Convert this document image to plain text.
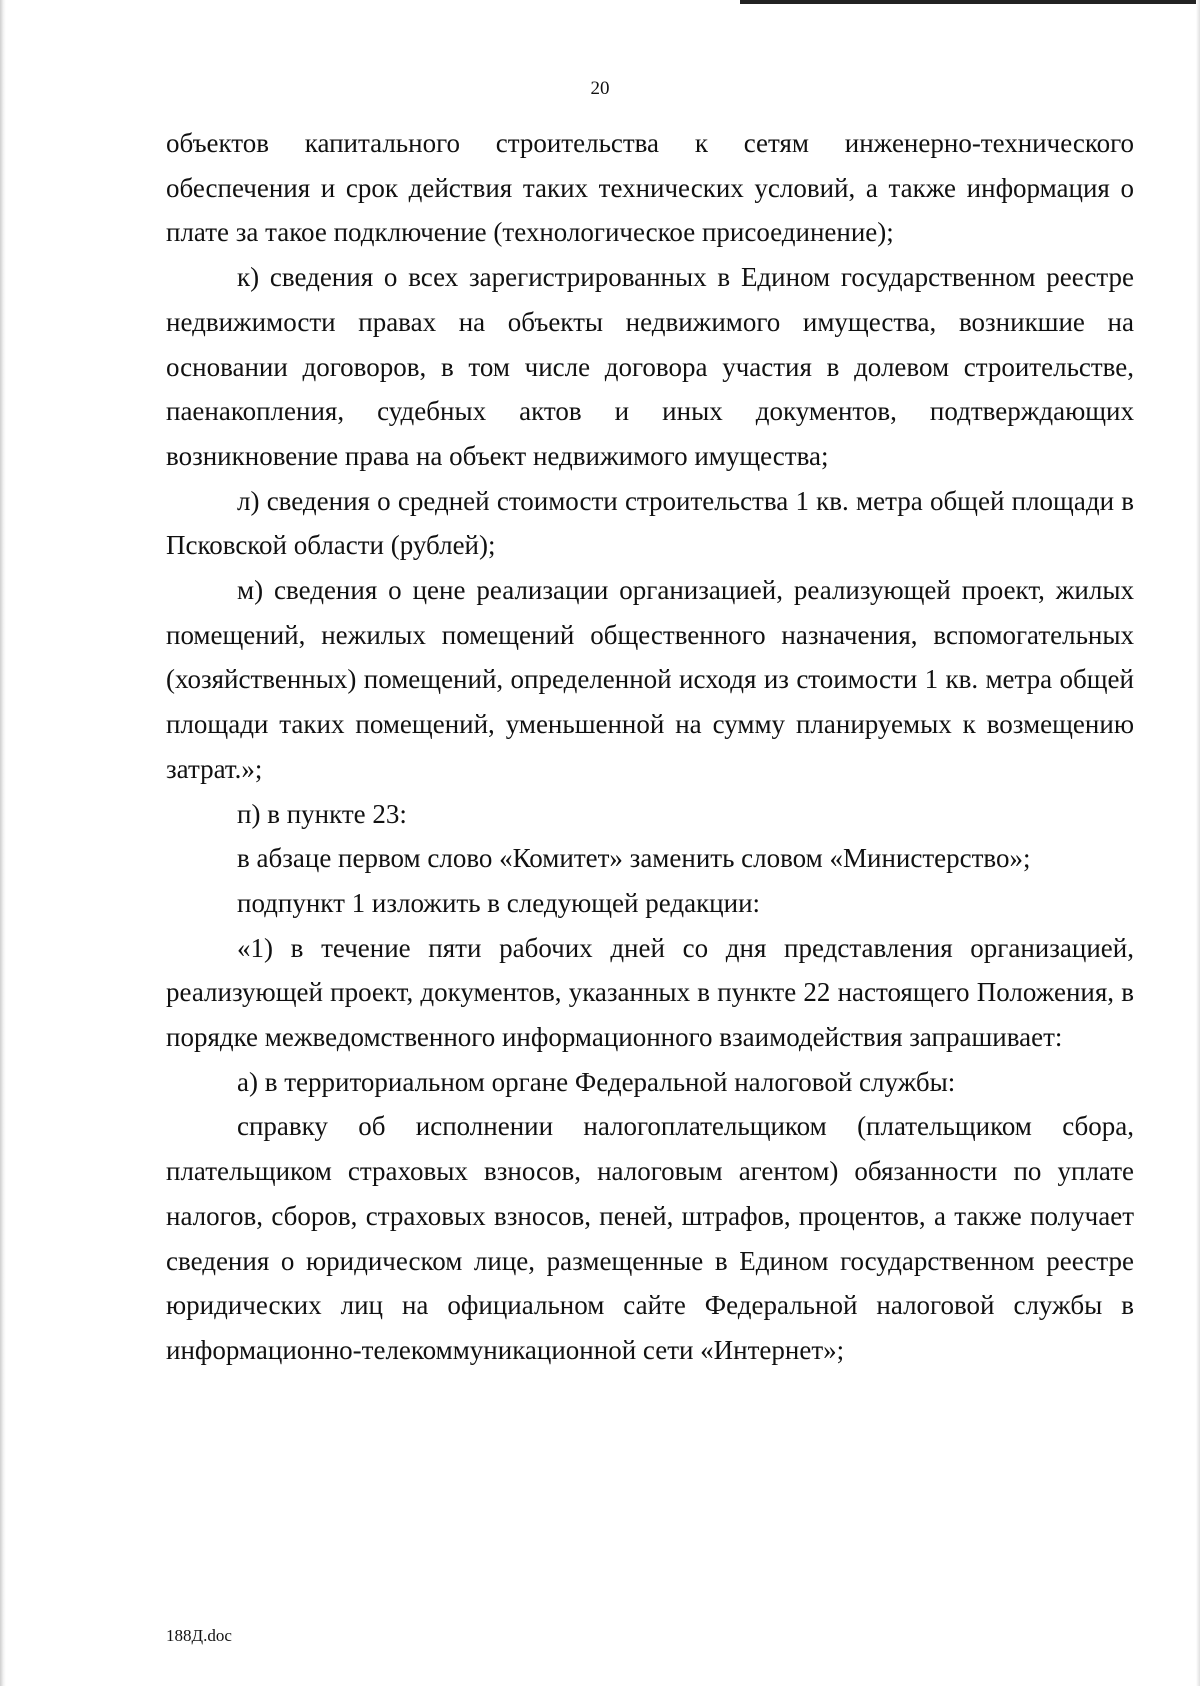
20

объектов капитального строительства к сетям инженерно-технического обеспечения и срок действия таких технических условий, а также информация о плате за такое подключение (технологическое присоединение);

к) сведения о всех зарегистрированных в Едином государственном реестре недвижимости правах на объекты недвижимого имущества, возникшие на основании договоров, в том числе договора участия в долевом строительстве, паенакопления, судебных актов и иных документов, подтверждающих возникновение права на объект недвижимого имущества;

л) сведения о средней стоимости строительства 1 кв. метра общей площади в Псковской области (рублей);

м) сведения о цене реализации организацией, реализующей проект, жилых помещений, нежилых помещений общественного назначения, вспомогательных (хозяйственных) помещений, определенной исходя из стоимости 1 кв. метра общей площади таких помещений, уменьшенной на сумму планируемых к возмещению затрат.»;

п) в пункте 23:

в абзаце первом слово «Комитет» заменить словом «Министерство»;

подпункт 1 изложить в следующей редакции:

«1) в течение пяти рабочих дней со дня представления организацией, реализующей проект, документов, указанных в пункте 22 настоящего Положения, в порядке межведомственного информационного взаимодействия запрашивает:

а) в территориальном органе Федеральной налоговой службы:

справку об исполнении налогоплательщиком (плательщиком сбора, плательщиком страховых взносов, налоговым агентом) обязанности по уплате налогов, сборов, страховых взносов, пеней, штрафов, процентов, а также получает сведения о юридическом лице, размещенные в Едином государственном реестре юридических лиц на официальном сайте Федеральной налоговой службы в информационно-телекоммуникационной сети «Интернет»;

188Д.doc
